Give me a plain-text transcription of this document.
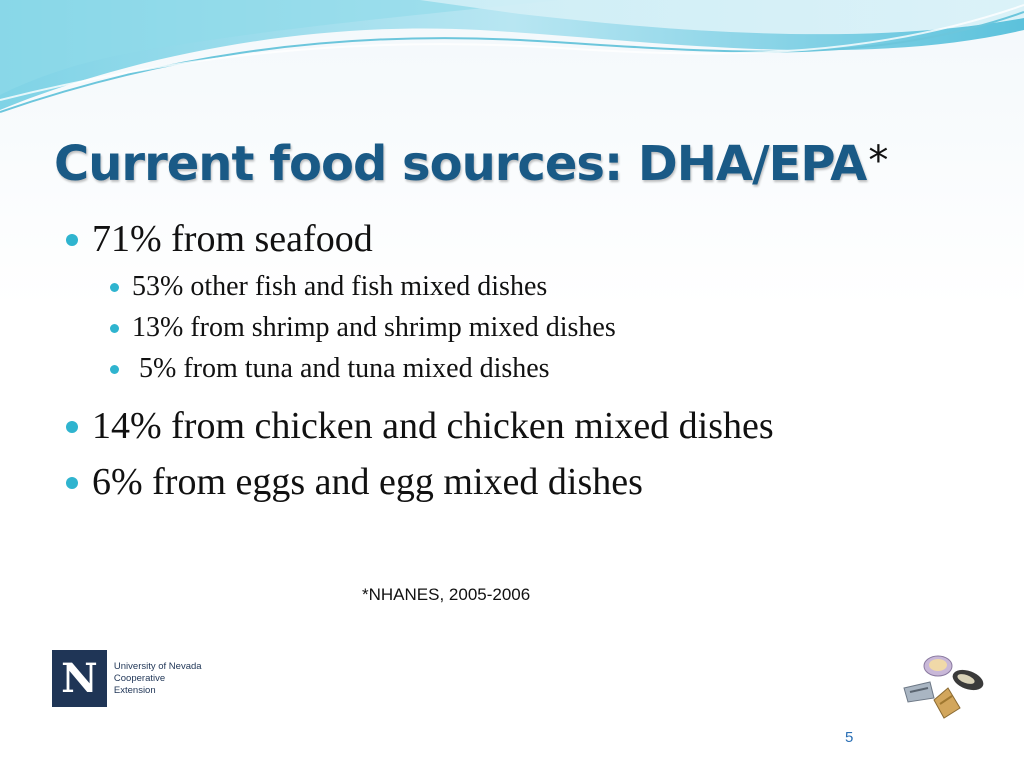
Current food sources: DHA/EPA*
71% from seafood
53% other fish and fish mixed dishes
13% from shrimp and shrimp mixed dishes
5% from tuna and tuna mixed dishes
14% from chicken and chicken mixed dishes
6% from eggs and egg mixed dishes
*NHANES, 2005-2006
N	University of Nevada
Cooperative Extension
5
